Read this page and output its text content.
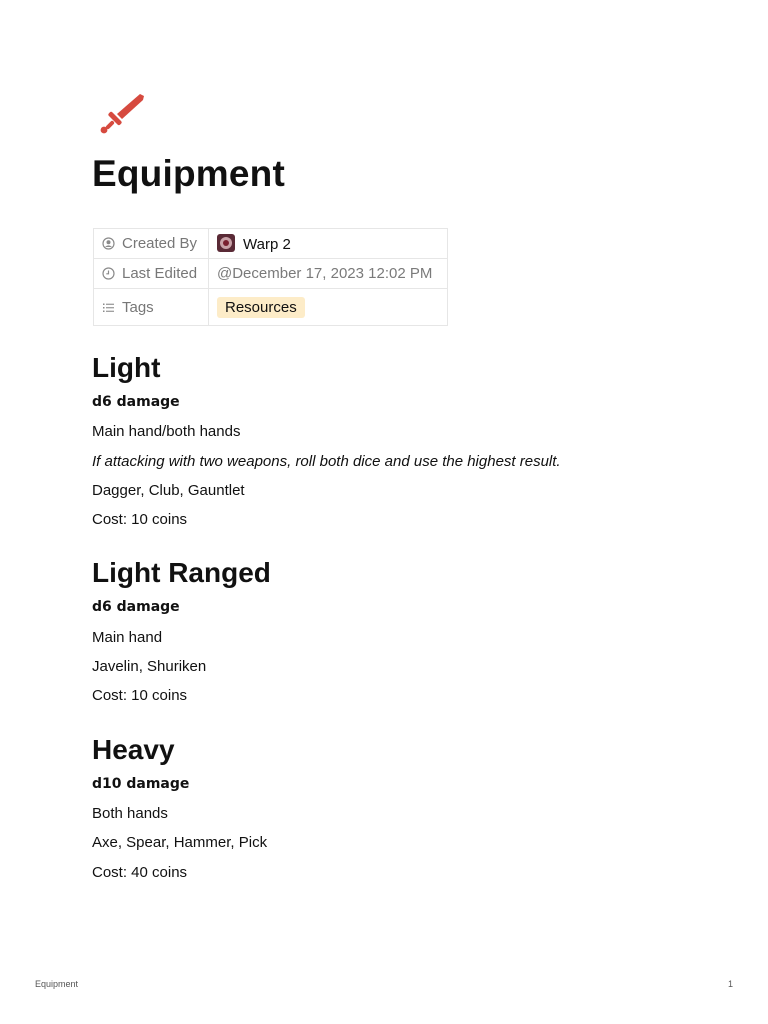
Equipment
Created By	Warp 2
Last Edited	@December 17, 2023 12:02 PM
Tags	Resources
Light

d6 damage

Main hand/both hands

If attacking with two weapons, roll both dice and use the highest result.

Dagger, Club, Gauntlet

Cost: 10 coins

Light Ranged

d6 damage

Main hand

Javelin, Shuriken

Cost: 10 coins

Heavy

d10 damage

Both hands

Axe, Spear, Hammer, Pick

Cost: 40 coins

Equipment	1
